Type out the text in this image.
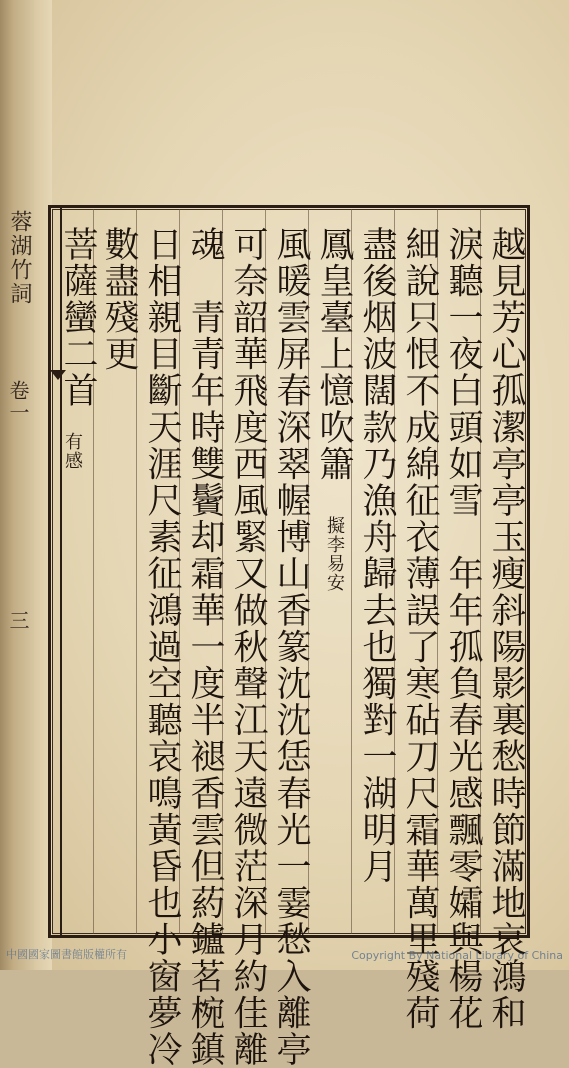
蓉湖竹詞
卷一
三	越見芳心孤潔亭亭玉瘦斜陽影裏愁時節滿地哀鴻和
淚聽一夜白頭如雪　年年孤負春光感飄零孀與楊花
細說只恨不成綿征衣薄誤了寒砧刀尺霜華萬里殘荷
盡後烟波闊款乃漁舟歸去也獨對一湖明月
鳳皇臺上憶吹簫
擬李易安
風暖雲屏春深翠幄博山香篆沈沈恁春光一霎愁入離亭
可奈韶華飛度西風緊又做秋聲江天遠微茫深月約佳離
魂　青青年時雙鬢却霜華一度半褪香雲但葯鑪茗椀鎮
日相親目斷天涯尺素征鴻過空聽哀鳴黃昏也小窗夢冷
數盡殘更
菩薩蠻二首
有感
中國國家圖書館版權所有	Copyright By National Library of China
